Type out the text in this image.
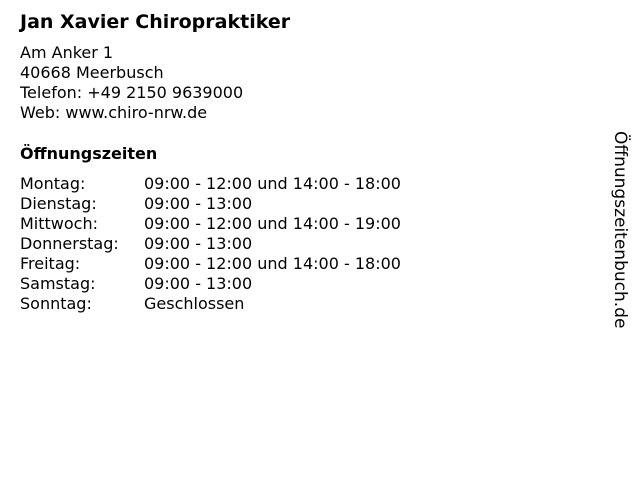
Jan Xavier Chiropraktiker
Am Anker 1
40668 Meerbusch
Telefon: +49 2150 9639000
Web: www.chiro-nrw.de
Öffnungszeiten
Montag:	09:00 - 12:00 und 14:00 - 18:00
Dienstag:	09:00 - 13:00
Mittwoch:	09:00 - 12:00 und 14:00 - 19:00
Donnerstag:	09:00 - 13:00
Freitag:	09:00 - 12:00 und 14:00 - 18:00
Samstag:	09:00 - 13:00
Sonntag:	Geschlossen	Öffnungszeitenbuch.de
